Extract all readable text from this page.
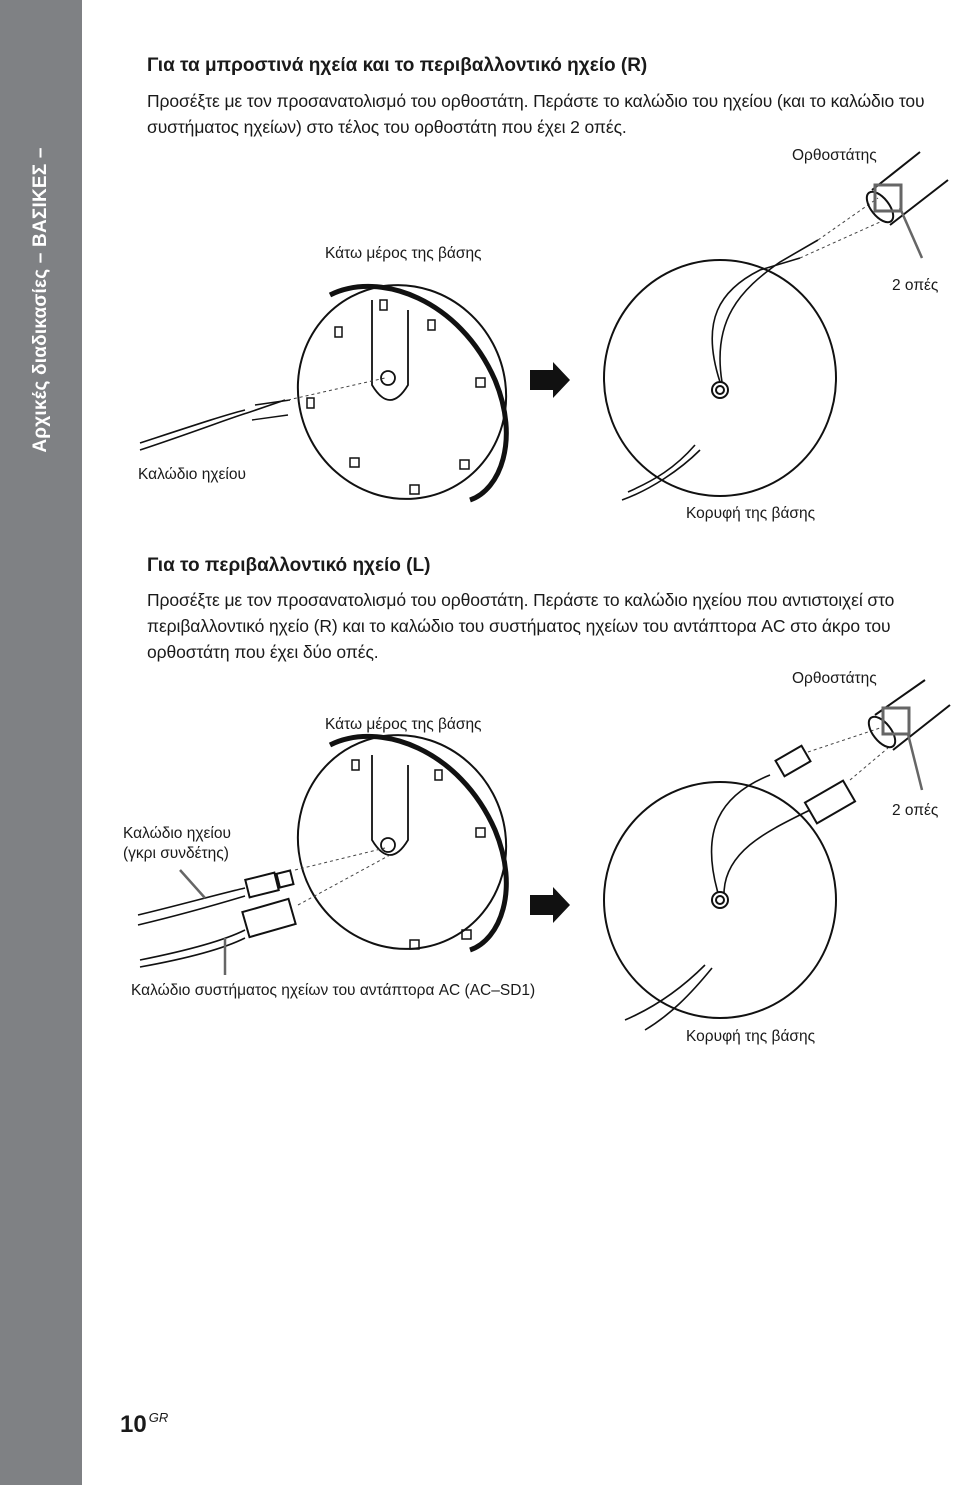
Αρχικές διαδικασίες – ΒΑΣΙΚΕΣ –
Για τα μπροστινά ηχεία και το περιβαλλοντικό ηχείο (R)

Προσέξτε με τον προσανατολισμό του ορθοστάτη. Περάστε το καλώδιο του ηχείου (και το καλώδιο του συστήματος ηχείων) στο τέλος του ορθοστάτη που έχει 2 οπές.

Ορθοστάτης
Κάτω μέρος της βάσης
2 οπές
Καλώδιο ηχείου
Κορυφή της βάσης
Για το περιβαλλοντικό ηχείο (L)

Προσέξτε με τον προσανατολισμό του ορθοστάτη. Περάστε το καλώδιο ηχείου που αντιστοιχεί στο περιβαλλοντικό ηχείο (R) και το καλώδιο του συστήματος ηχείων του αντάπτορα AC στο άκρο του ορθοστάτη που έχει δύο οπές.

Ορθοστάτης
Κάτω μέρος της βάσης
2 οπές
Καλώδιο ηχείου
(γκρι συνδέτης)
Καλώδιο συστήματος ηχείων του αντάπτορα AC (AC–SD1)
Κορυφή της βάσης
10 $^{GR}$
